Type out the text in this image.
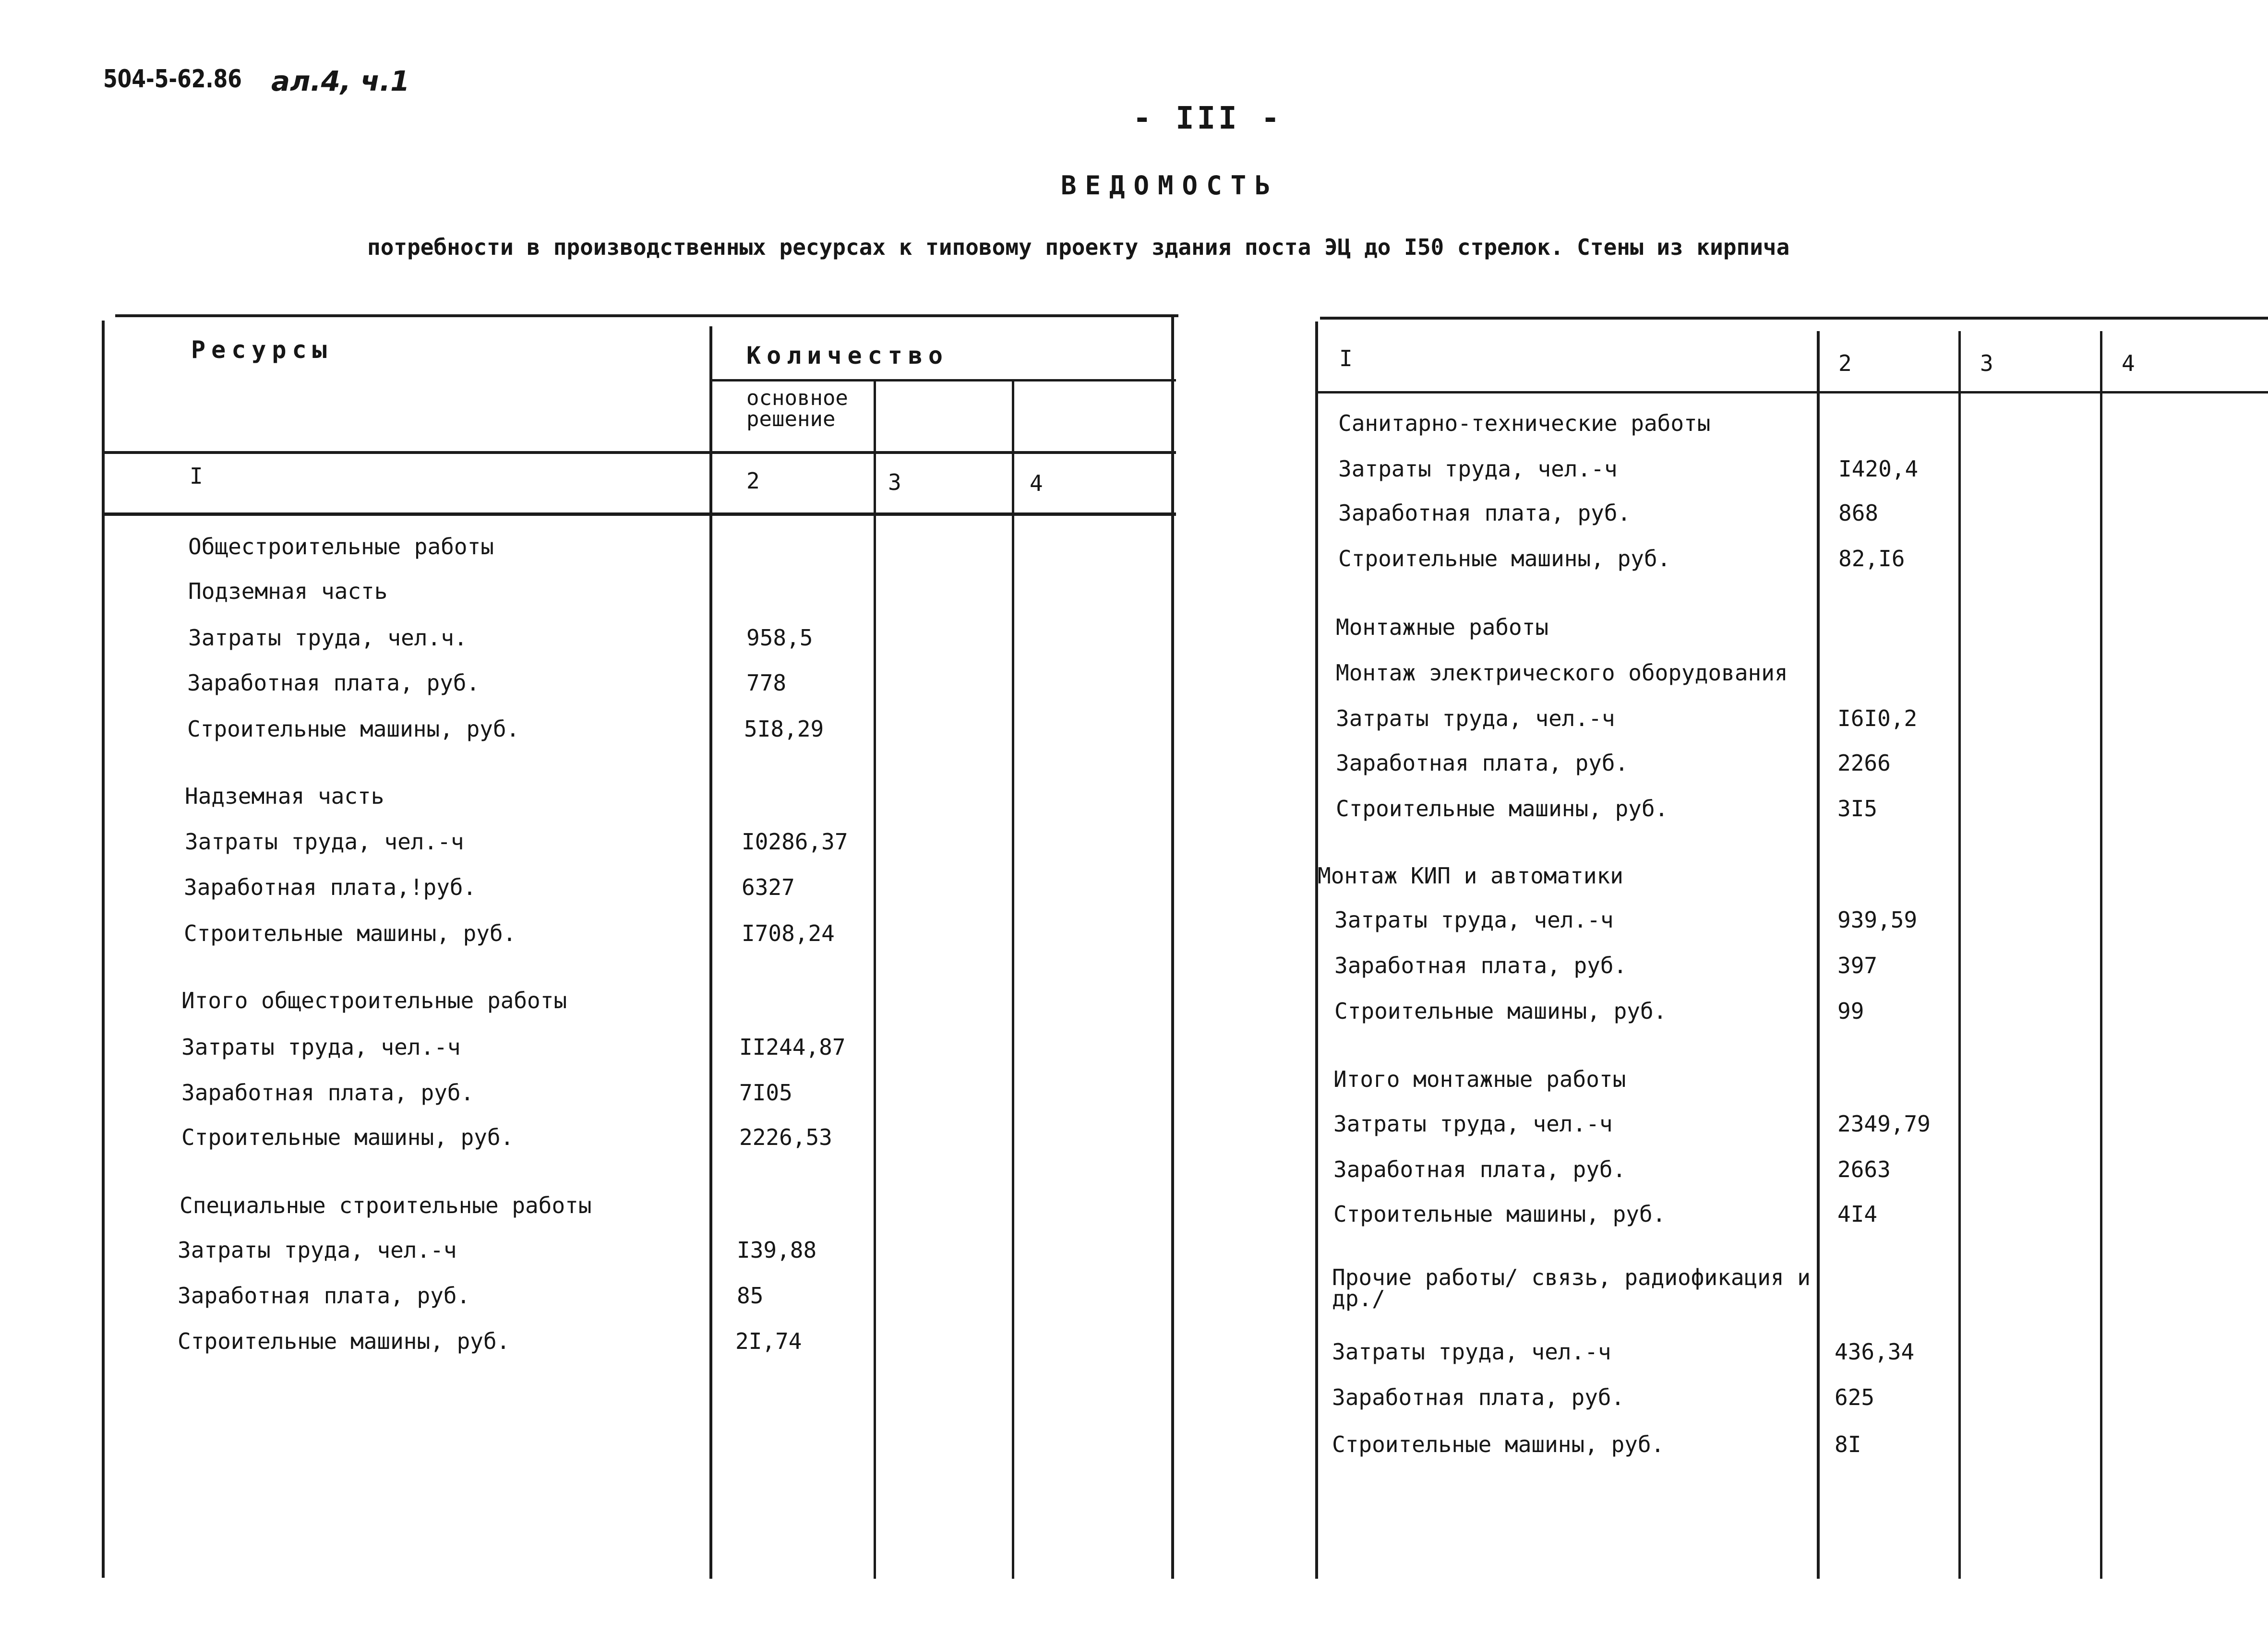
504-5-62.86 ал.4, ч.1
- III -
ВЕДОМОСТЬ
потребности в производственных ресурсах к типовому проекту здания поста ЭЦ до I50 стрелок. Стены из кирпича
Ресурсы	Количество
основное решение
I	2	3	4
Общестроительные работы
Подземная часть
Затраты труда, чел.ч.	958,5
Заработная плата, руб.	778
Строительные машины, руб.	5I8,29
Надземная часть
Затраты труда, чел.-ч	I0286,37
Заработная плата,!руб.	6327
Строительные машины, руб.	I708,24
Итого общестроительные работы
Затраты труда, чел.-ч	II244,87
Заработная плата, руб.	7I05
Строительные машины, руб.	2226,53
Специальные строительные работы
Затраты труда, чел.-ч	I39,88
Заработная плата, руб.	85
Строительные машины, руб.	2I,74
I	2	3	4
Санитарно-технические работы
Затраты труда, чел.-ч	I420,4
Заработная плата, руб.	868
Строительные машины, руб.	82,I6
Монтажные работы
Монтаж электрического оборудования
Затраты труда, чел.-ч	I6I0,2
Заработная плата, руб.	2266
Строительные машины, руб.	3I5
Монтаж КИП и автоматики
Затраты труда, чел.-ч	939,59
Заработная плата, руб.	397
Строительные машины, руб.	99
Итого монтажные работы
Затраты труда, чел.-ч	2349,79
Заработная плата, руб.	2663
Строительные машины, руб.	4I4
Прочие работы/ связь, радиофикация и др./
Затраты труда, чел.-ч	436,34
Заработная плата, руб.	625
Строительные машины, руб.	8I
